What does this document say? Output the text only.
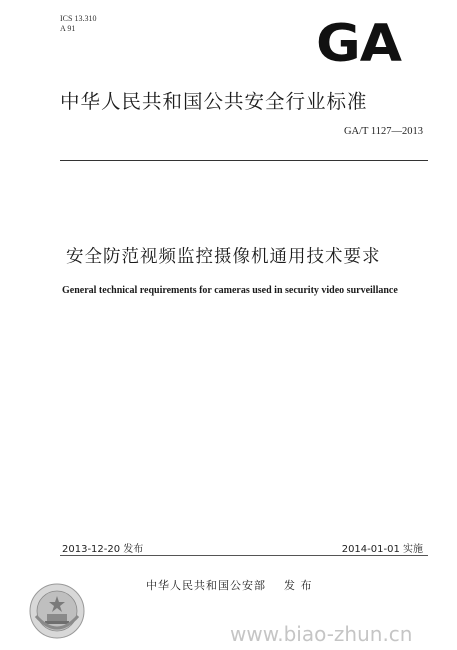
ICS 13.310
A 91	GA
中华人民共和国公共安全行业标准
GA/T 1127—2013
安全防范视频监控摄像机通用技术要求
General technical requirements for cameras used in security video surveillance
2013-12-20 发布	2014-01-01 实施
中华人民共和国公安部 发 布
www.biao-zhun.cn
